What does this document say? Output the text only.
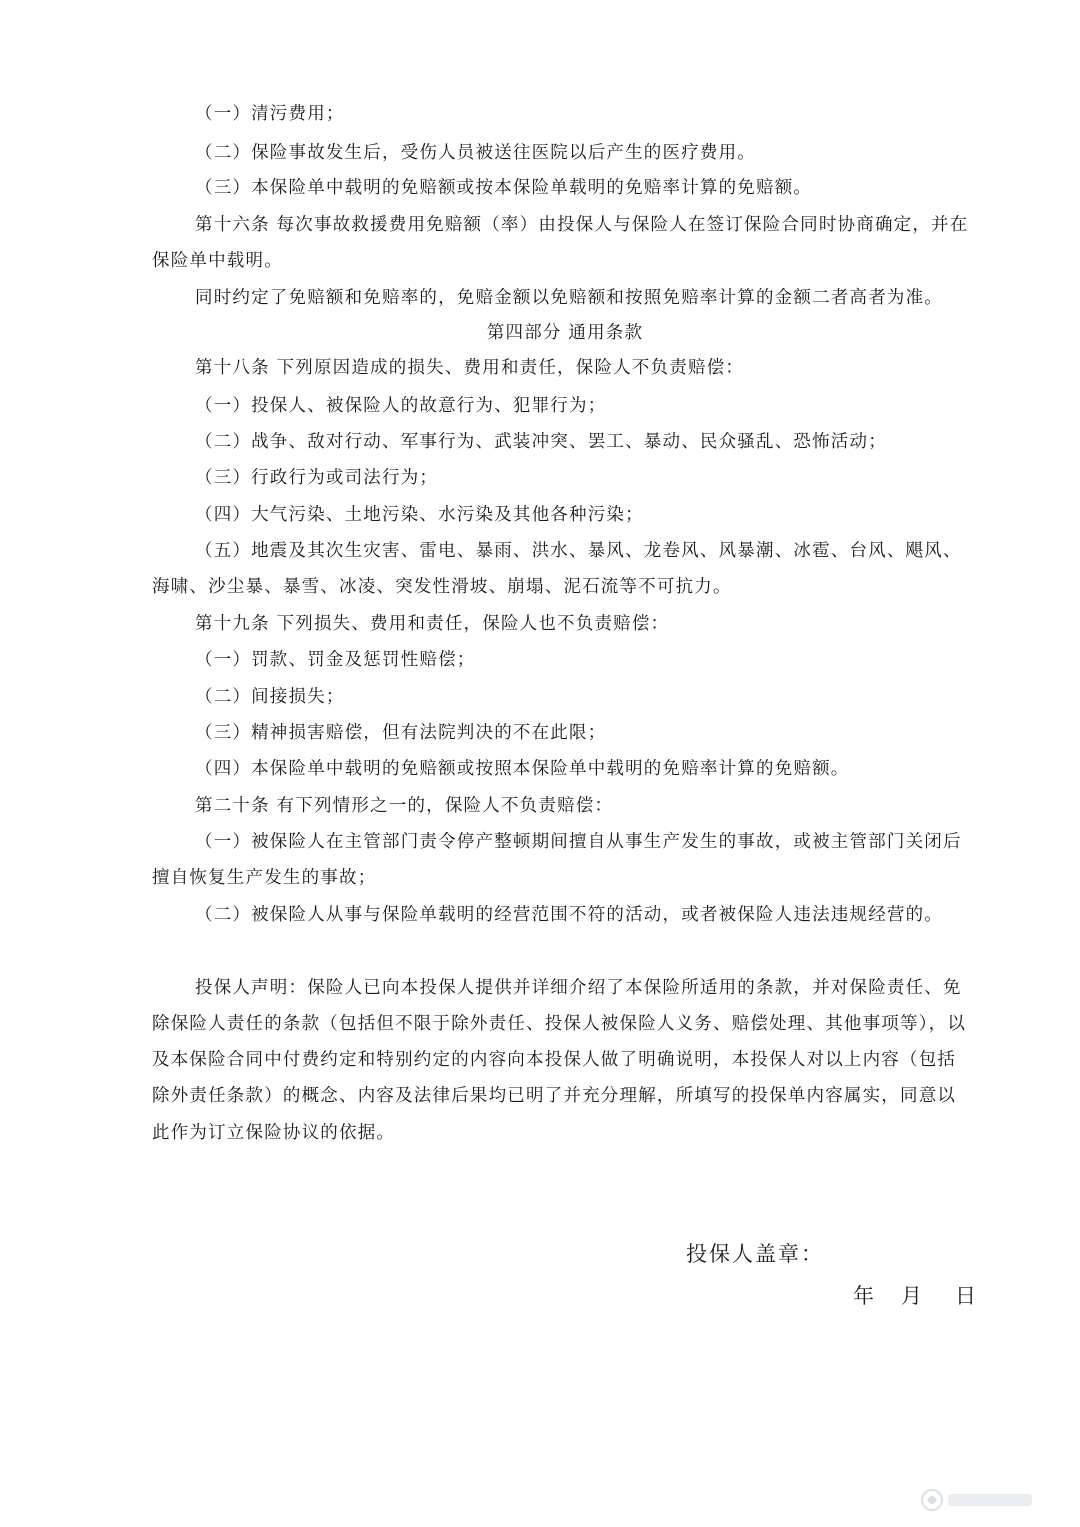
（一）清污费用；
（二）保险事故发生后，受伤人员被送往医院以后产生的医疗费用。
（三）本保险单中载明的免赔额或按本保险单载明的免赔率计算的免赔额。
第十六条 每次事故救援费用免赔额（率）由投保人与保险人在签订保险合同时协商确定，并在
保险单中载明。
同时约定了免赔额和免赔率的，免赔金额以免赔额和按照免赔率计算的金额二者高者为准。
第四部分 通用条款
第十八条 下列原因造成的损失、费用和责任，保险人不负责赔偿：
（一）投保人、被保险人的故意行为、犯罪行为；
（二）战争、敌对行动、军事行为、武装冲突、罢工、暴动、民众骚乱、恐怖活动；
（三）行政行为或司法行为；
（四）大气污染、土地污染、水污染及其他各种污染；
（五）地震及其次生灾害、雷电、暴雨、洪水、暴风、龙卷风、风暴潮、冰雹、台风、飓风、
海啸、沙尘暴、暴雪、冰凌、突发性滑坡、崩塌、泥石流等不可抗力。
第十九条 下列损失、费用和责任，保险人也不负责赔偿：
（一）罚款、罚金及惩罚性赔偿；
（二）间接损失；
（三）精神损害赔偿，但有法院判决的不在此限；
（四）本保险单中载明的免赔额或按照本保险单中载明的免赔率计算的免赔额。
第二十条 有下列情形之一的，保险人不负责赔偿：
（一）被保险人在主管部门责令停产整顿期间擅自从事生产发生的事故，或被主管部门关闭后
擅自恢复生产发生的事故；
（二）被保险人从事与保险单载明的经营范围不符的活动，或者被保险人违法违规经营的。
投保人声明：保险人已向本投保人提供并详细介绍了本保险所适用的条款，并对保险责任、免
除保险人责任的条款（包括但不限于除外责任、投保人被保险人义务、赔偿处理、其他事项等），以
及本保险合同中付费约定和特别约定的内容向本投保人做了明确说明，本投保人对以上内容（包括
除外责任条款）的概念、内容及法律后果均已明了并充分理解，所填写的投保单内容属实，同意以
此作为订立保险协议的依据。
投保人盖章：
年 月 日
